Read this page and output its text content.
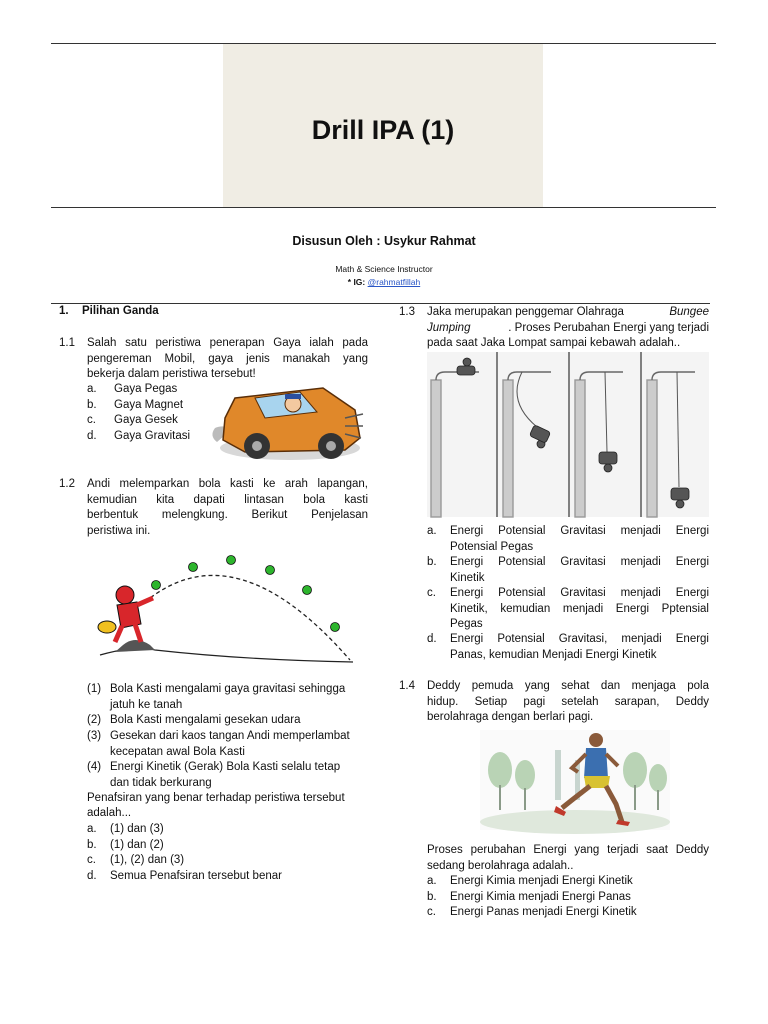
Drill IPA (1)
Disusun Oleh : Usykur Rahmat
Math & Science Instructor
* IG: @rahmatfillah
1. Pilihan Ganda
1.1	Salah satu peristiwa penerapan Gaya ialah pada
pengereman Mobil, gaya jenis manakah yang
bekerja dalam peristiwa tersebut!
a. Gaya Pegas
b. Gaya Magnet
c. Gaya Gesek
d. Gaya Gravitasi
1.2	Andi melemparkan bola kasti ke arah lapangan,
kemudian kita dapati lintasan bola kasti
berbentuk melengkung. Berikut Penjelasan
peristiwa ini.
(1) Bola Kasti mengalami gaya gravitasi sehingga
jatuh ke tanah
(2) Bola Kasti mengalami gesekan udara
(3) Gesekan dari kaos tangan Andi memperlambat
kecepatan awal Bola Kasti
(4) Energi Kinetik (Gerak) Bola Kasti selalu tetap
dan tidak berkurang
Penafsiran yang benar terhadap peristiwa tersebut
adalah...
a. (1) dan (3)
b. (1) dan (2)
c. (1), (2) dan (3)
d. Semua Penafsiran tersebut benar
1.3	Jaka merupakan penggemar Olahraga	Bungee
Jumping	. Proses Perubahan Energi yang terjadi
pada saat Jaka Lompat sampai kebawah adalah..
a. Energi Potensial Gravitasi menjadi Energi
Potensial Pegas
b. Energi Potensial Gravitasi menjadi Energi
Kinetik
c. Energi Potensial Gravitasi menjadi Energi
Kinetik, kemudian menjadi Energi Pptensial
Pegas
d. Energi Potensial Gravitasi, menjadi Energi
Panas, kemudian Menjadi Energi Kinetik
1.4	Deddy pemuda yang sehat dan menjaga pola
hidup. Setiap pagi setelah sarapan, Deddy
berolahraga dengan berlari pagi.
Proses perubahan Energi yang terjadi saat Deddy
sedang berolahraga adalah..
a. Energi Kimia menjadi Energi Kinetik
b. Energi Kimia menjadi Energi Panas
c. Energi Panas menjadi Energi Kinetik
